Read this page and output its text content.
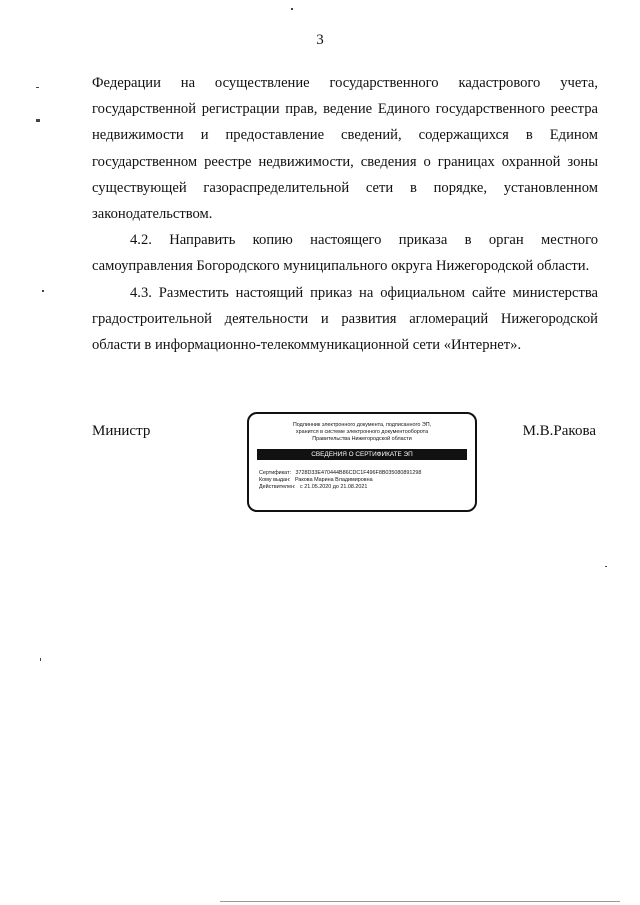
3
Федерации на осуществление государственного кадастрового учета,
государственной регистрации прав, ведение Единого государственного реестра
недвижимости и предоставление сведений, содержащихся в Едином
государственном реестре недвижимости, сведения о границах охранной зоны
существующей газораспределительной сети в порядке, установленном
законодательством.
4.2. Направить копию настоящего приказа в орган местного
самоуправления Богородского муниципального округа Нижегородской области.
4.3. Разместить настоящий приказ на официальном сайте министерства
градостроительной деятельности и развития агломераций Нижегородской
области в информационно-телекоммуникационной сети «Интернет».
Министр	М.В.Ракова
Подлинник электронного документа, подписанного ЭП,
хранится в системе электронного документооборота
Правительства Нижегородской области
СВЕДЕНИЯ О СЕРТИФИКАТЕ ЭП
Сертификат: 3728D33E470444B86CDC1F496F8B035080891298
Кому выдан: Ракова Марина Владимировна
Действителен: с 21.05.2020 до 21.08.2021
